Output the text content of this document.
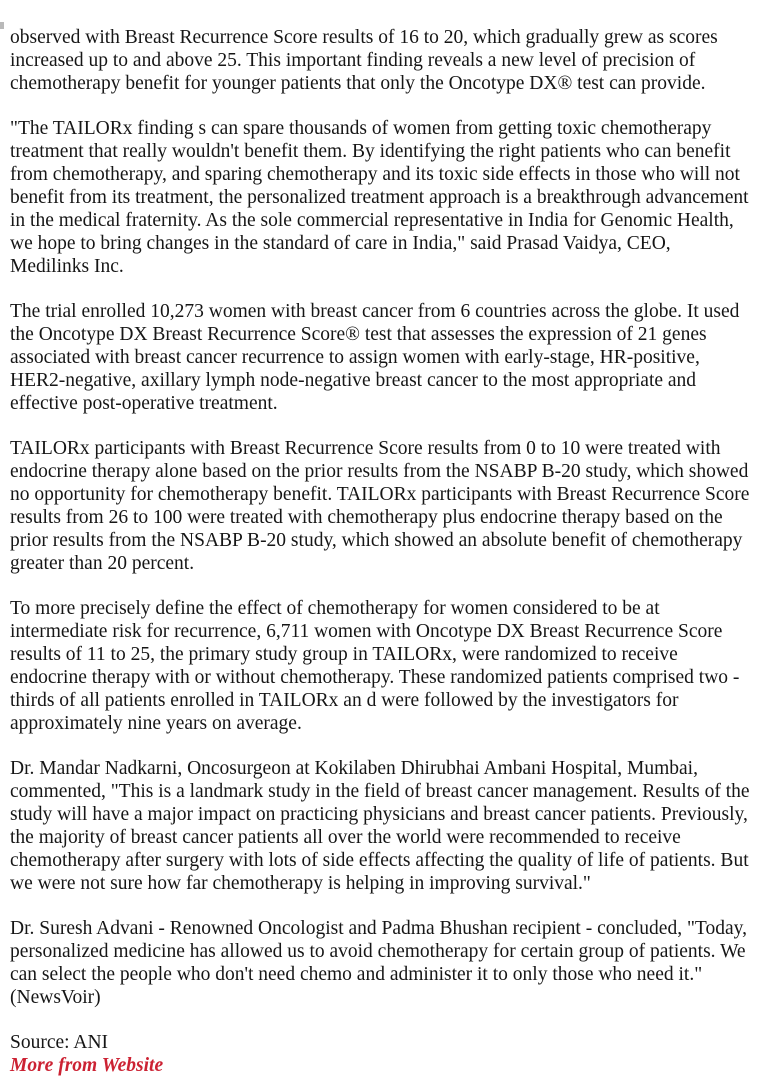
observed with Breast Recurrence Score results of 16 to 20, which gradually grew as scores increased up to and above 25. This important finding reveals a new level of precision of chemotherapy benefit for younger patients that only the Oncotype DX® test can provide.

"The TAILORx finding s can spare thousands of women from getting toxic chemotherapy treatment that really wouldn't benefit them. By identifying the right patients who can benefit from chemotherapy, and sparing chemotherapy and its toxic side effects in those who will not benefit from its treatment, the personalized treatment approach is a breakthrough advancement in the medical fraternity. As the sole commercial representative in India for Genomic Health, we hope to bring changes in the standard of care in India," said Prasad Vaidya, CEO, Medilinks Inc.

The trial enrolled 10,273 women with breast cancer from 6 countries across the globe. It used the Oncotype DX Breast Recurrence Score® test that assesses the expression of 21 genes associated with breast cancer recurrence to assign women with early-stage, HR-positive, HER2-negative, axillary lymph node-negative breast cancer to the most appropriate and effective post-operative treatment.

TAILORx participants with Breast Recurrence Score results from 0 to 10 were treated with endocrine therapy alone based on the prior results from the NSABP B-20 study, which showed no opportunity for chemotherapy benefit. TAILORx participants with Breast Recurrence Score results from 26 to 100 were treated with chemotherapy plus endocrine therapy based on the prior results from the NSABP B-20 study, which showed an absolute benefit of chemotherapy greater than 20 percent.

To more precisely define the effect of chemotherapy for women considered to be at intermediate risk for recurrence, 6,711 women with Oncotype DX Breast Recurrence Score results of 11 to 25, the primary study group in TAILORx, were randomized to receive endocrine therapy with or without chemotherapy. These randomized patients comprised two -thirds of all patients enrolled in TAILORx an d were followed by the investigators for approximately nine years on average.

Dr. Mandar Nadkarni, Oncosurgeon at Kokilaben Dhirubhai Ambani Hospital, Mumbai, commented, "This is a landmark study in the field of breast cancer management. Results of the study will have a major impact on practicing physicians and breast cancer patients. Previously, the majority of breast cancer patients all over the world were recommended to receive chemotherapy after surgery with lots of side effects affecting the quality of life of patients. But we were not sure how far chemotherapy is helping in improving survival."

Dr. Suresh Advani - Renowned Oncologist and Padma Bhushan recipient - concluded, "Today, personalized medicine has allowed us to avoid chemotherapy for certain group of patients. We can select the people who don't need chemo and administer it to only those who need it." (NewsVoir)

Source: ANI

More from Website
